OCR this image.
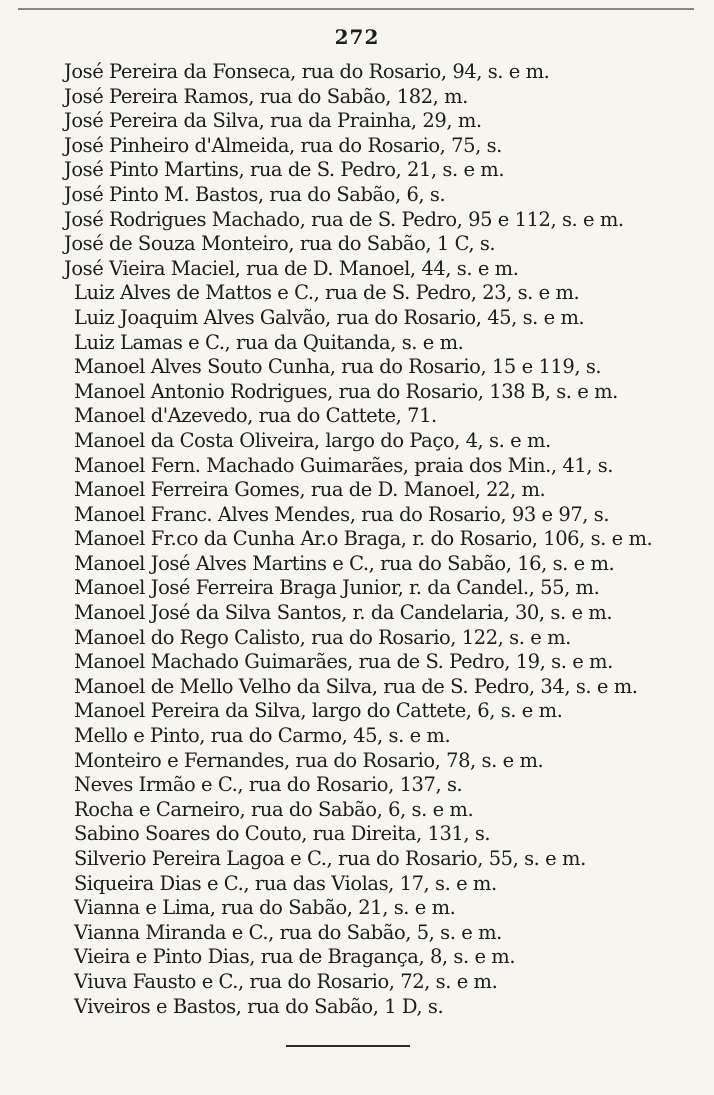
272
José Pereira da Fonseca, rua do Rosario, 94, s. e m.
José Pereira Ramos, rua do Sabão, 182, m.
José Pereira da Silva, rua da Prainha, 29, m.
José Pinheiro d'Almeida, rua do Rosario, 75, s.
José Pinto Martins, rua de S. Pedro, 21, s. e m.
José Pinto M. Bastos, rua do Sabão, 6, s.
José Rodrigues Machado, rua de S. Pedro, 95 e 112, s. e m.
José de Souza Monteiro, rua do Sabão, 1 C, s.
José Vieira Maciel, rua de D. Manoel, 44, s. e m.
Luiz Alves de Mattos e C., rua de S. Pedro, 23, s. e m.
Luiz Joaquim Alves Galvão, rua do Rosario, 45, s. e m.
Luiz Lamas e C., rua da Quitanda, s. e m.
Manoel Alves Souto Cunha, rua do Rosario, 15 e 119, s.
Manoel Antonio Rodrigues, rua do Rosario, 138 B, s. e m.
Manoel d'Azevedo, rua do Cattete, 71.
Manoel da Costa Oliveira, largo do Paço, 4, s. e m.
Manoel Fern. Machado Guimarães, praia dos Min., 41, s.
Manoel Ferreira Gomes, rua de D. Manoel, 22, m.
Manoel Franc. Alves Mendes, rua do Rosario, 93 e 97, s.
Manoel Fr.co da Cunha Ar.o Braga, r. do Rosario, 106, s. e m.
Manoel José Alves Martins e C., rua do Sabão, 16, s. e m.
Manoel José Ferreira Braga Junior, r. da Candel., 55, m.
Manoel José da Silva Santos, r. da Candelaria, 30, s. e m.
Manoel do Rego Calisto, rua do Rosario, 122, s. e m.
Manoel Machado Guimarães, rua de S. Pedro, 19, s. e m.
Manoel de Mello Velho da Silva, rua de S. Pedro, 34, s. e m.
Manoel Pereira da Silva, largo do Cattete, 6, s. e m.
Mello e Pinto, rua do Carmo, 45, s. e m.
Monteiro e Fernandes, rua do Rosario, 78, s. e m.
Neves Irmão e C., rua do Rosario, 137, s.
Rocha e Carneiro, rua do Sabão, 6, s. e m.
Sabino Soares do Couto, rua Direita, 131, s.
Silverio Pereira Lagoa e C., rua do Rosario, 55, s. e m.
Siqueira Dias e C., rua das Violas, 17, s. e m.
Vianna e Lima, rua do Sabão, 21, s. e m.
Vianna Miranda e C., rua do Sabão, 5, s. e m.
Vieira e Pinto Dias, rua de Bragança, 8, s. e m.
Viuva Fausto e C., rua do Rosario, 72, s. e m.
Viveiros e Bastos, rua do Sabão, 1 D, s.
